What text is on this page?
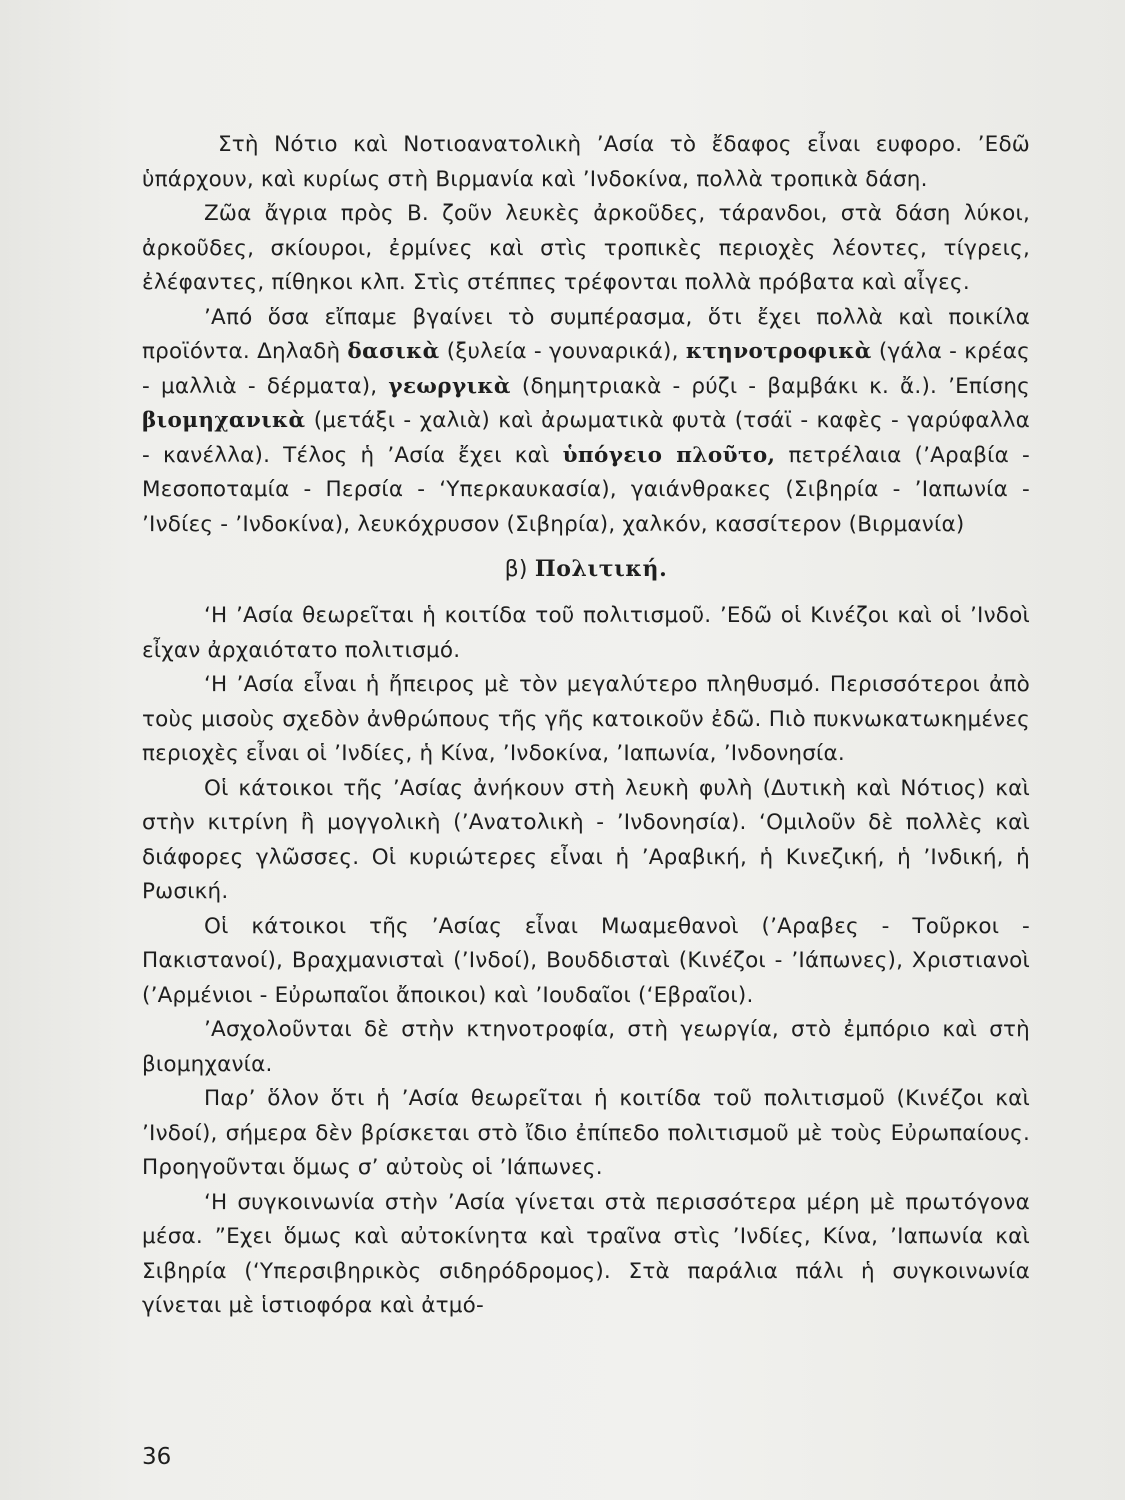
Στὴ Νότιο καὶ Νοτιοανατολικὴ ’Ασία τὸ ἔδαφος εἶναι ευφορο. ’Εδῶ ὑπάρχουν, καὶ κυρίως στὴ Βιρμανία καὶ ’Ινδοκίνα, πολλὰ τροπικὰ δάση.

Ζῶα ἄγρια πρὸς Β. ζοῦν λευκὲς ἀρκοῦδες, τάρανδοι, στὰ δάση λύκοι, ἀρκοῦδες, σκίουροι, ἐρμίνες καὶ στὶς τροπικὲς περιοχὲς λέοντες, τίγρεις, ἐλέφαντες, πίθηκοι κλπ. Στὶς στέππες τρέφονται πολλὰ πρόβατα καὶ αἶγες.

’Από ὅσα εἴπαμε βγαίνει τὸ συμπέρασμα, ὅτι ἔχει πολλὰ καὶ ποικίλα προϊόντα. Δηλαδὴ δασικὰ (ξυλεία - γουναρικά), κτηνοτροφικὰ (γάλα - κρέας - μαλλιὰ - δέρματα), γεωργικὰ (δημητριακὰ - ρύζι - βαμβάκι κ. ἄ.). ’Επίσης βιομηχανικὰ (μετάξι - χαλιὰ) καὶ ἀρωματικὰ φυτὰ (τσάϊ - καφὲς - γαρύφαλλα - κανέλλα). Τέλος ἡ ’Ασία ἔχει καὶ ὑπόγειο πλοῦτο, πετρέλαια (’Αραβία - Μεσοποταμία - Περσία - ‘Υπερκαυκασία), γαιάνθρακες (Σιβηρία - ’Ιαπωνία - ’Ινδίες - ’Ινδοκίνα), λευκόχρυσον (Σιβηρία), χαλκόν, κασσίτερον (Βιρμανία)

β) Πολιτική.

‘Η ’Ασία θεωρεῖται ἡ κοιτίδα τοῦ πολιτισμοῦ. ’Εδῶ οἱ Κινέζοι καὶ οἱ ’Ινδοὶ εἶχαν ἀρχαιότατο πολιτισμό.

‘Η ’Ασία εἶναι ἡ ἤπειρος μὲ τὸν μεγαλύτερο πληθυσμό. Περισσότεροι ἀπὸ τοὺς μισοὺς σχεδὸν ἀνθρώπους τῆς γῆς κατοικοῦν ἐδῶ. Πιὸ πυκνωκατωκημένες περιοχὲς εἶναι οἱ ’Ινδίες, ἡ Κίνα, ’Ινδοκίνα, ’Ιαπωνία, ’Ινδονησία.

Οἱ κάτοικοι τῆς ’Ασίας ἀνήκουν στὴ λευκὴ φυλὴ (Δυτικὴ καὶ Νότιος) καὶ στὴν κιτρίνη ἢ μογγολικὴ (’Ανατολικὴ - ’Ινδονησία). ‘Ομιλοῦν δὲ πολλὲς καὶ διάφορες γλῶσσες. Οἱ κυριώτερες εἶναι ἡ ’Αραβική, ἡ Κινεζική, ἡ ’Ινδική, ἡ Ρωσική.

Οἱ κάτοικοι τῆς ’Ασίας εἶναι Μωαμεθανοὶ (’Αραβες - Τοῦρκοι - Πακιστανοί), Βραχμανισταὶ (’Ινδοί), Βουδδισταὶ (Κινέζοι - ’Ιάπωνες), Χριστιανοὶ (’Αρμένιοι - Εὐρωπαῖοι ἄποικοι) καὶ ’Ιουδαῖοι (‘Εβραῖοι).

’Ασχολοῦνται δὲ στὴν κτηνοτροφία, στὴ γεωργία, στὸ ἐμπόριο καὶ στὴ βιομηχανία.

Παρ’ ὅλον ὅτι ἡ ’Ασία θεωρεῖται ἡ κοιτίδα τοῦ πολιτισμοῦ (Κινέζοι καὶ ’Ινδοί), σήμερα δὲν βρίσκεται στὸ ἴδιο ἐπίπεδο πολιτισμοῦ μὲ τοὺς Εὐρωπαίους. Προηγοῦνται ὅμως σ’ αὐτοὺς οἱ ’Ιάπωνες.

‘Η συγκοινωνία στὴν ’Ασία γίνεται στὰ περισσότερα μέρη μὲ πρωτόγονα μέσα. ”Εχει ὅμως καὶ αὐτοκίνητα καὶ τραῖνα στὶς ’Ινδίες, Κίνα, ’Ιαπωνία καὶ Σιβηρία (‘Υπερσιβηρικὸς σιδηρόδρομος). Στὰ παράλια πάλι ἡ συγκοινωνία γίνεται μὲ ἱστιοφόρα καὶ ἀτμό-

36
